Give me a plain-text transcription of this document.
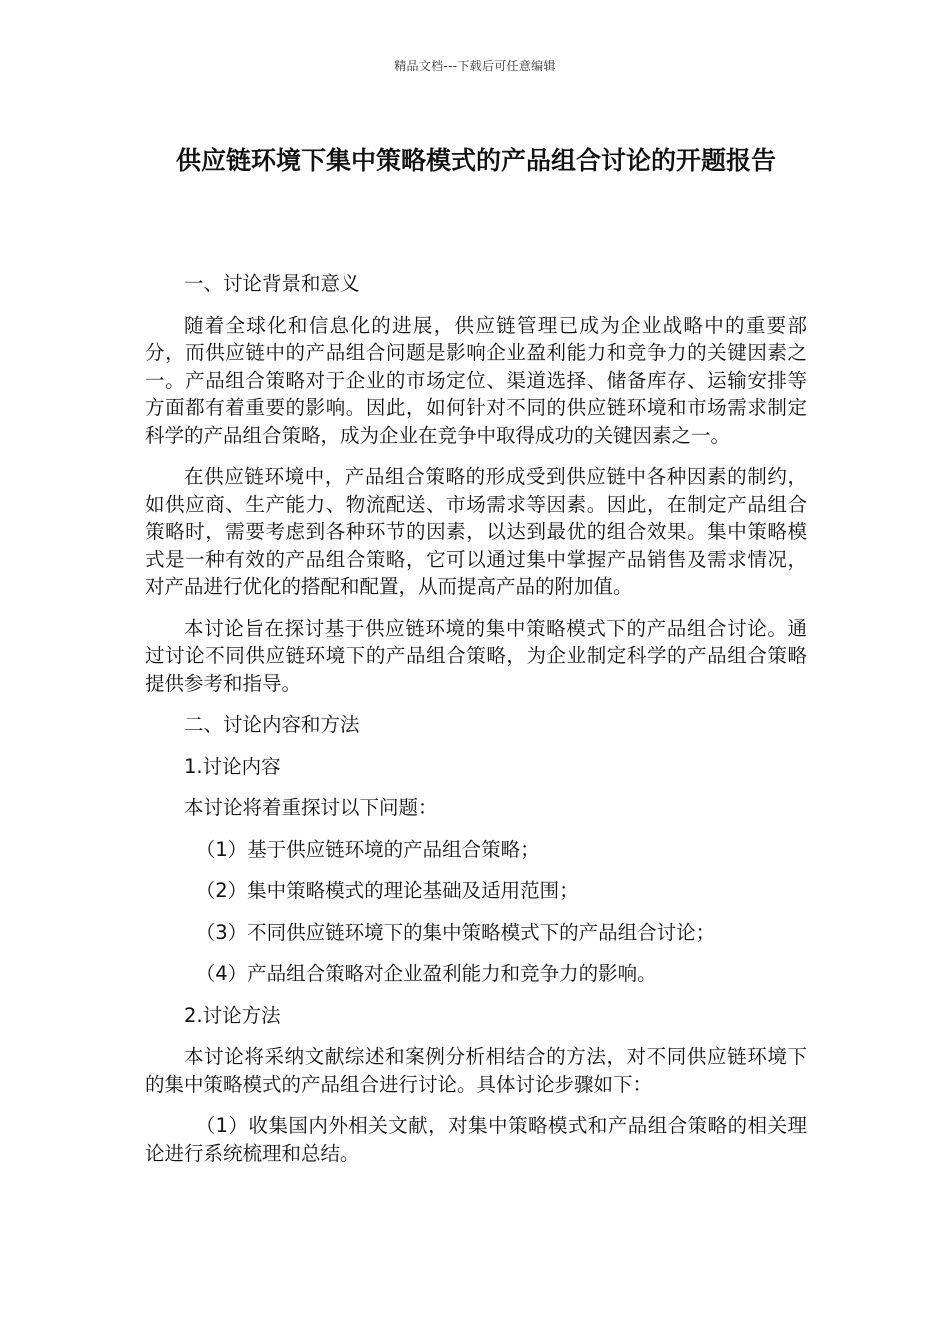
精品文档---下载后可任意编辑
供应链环境下集中策略模式的产品组合讨论的开题报告

一、讨论背景和意义

随着全球化和信息化的进展，供应链管理已成为企业战略中的重要部分，而供应链中的产品组合问题是影响企业盈利能力和竞争力的关键因素之一。产品组合策略对于企业的市场定位、渠道选择、储备库存、运输安排等方面都有着重要的影响。因此，如何针对不同的供应链环境和市场需求制定科学的产品组合策略，成为企业在竞争中取得成功的关键因素之一。

在供应链环境中，产品组合策略的形成受到供应链中各种因素的制约，如供应商、生产能力、物流配送、市场需求等因素。因此，在制定产品组合策略时，需要考虑到各种环节的因素，以达到最优的组合效果。集中策略模式是一种有效的产品组合策略，它可以通过集中掌握产品销售及需求情况，对产品进行优化的搭配和配置，从而提高产品的附加值。

本讨论旨在探讨基于供应链环境的集中策略模式下的产品组合讨论。通过讨论不同供应链环境下的产品组合策略，为企业制定科学的产品组合策略提供参考和指导。

二、讨论内容和方法

1.讨论内容

本讨论将着重探讨以下问题：

（1）基于供应链环境的产品组合策略；

（2）集中策略模式的理论基础及适用范围；

（3）不同供应链环境下的集中策略模式下的产品组合讨论；

（4）产品组合策略对企业盈利能力和竞争力的影响。

2.讨论方法

本讨论将采纳文献综述和案例分析相结合的方法，对不同供应链环境下的集中策略模式的产品组合进行讨论。具体讨论步骤如下：

（1）收集国内外相关文献，对集中策略模式和产品组合策略的相关理论进行系统梳理和总结。
